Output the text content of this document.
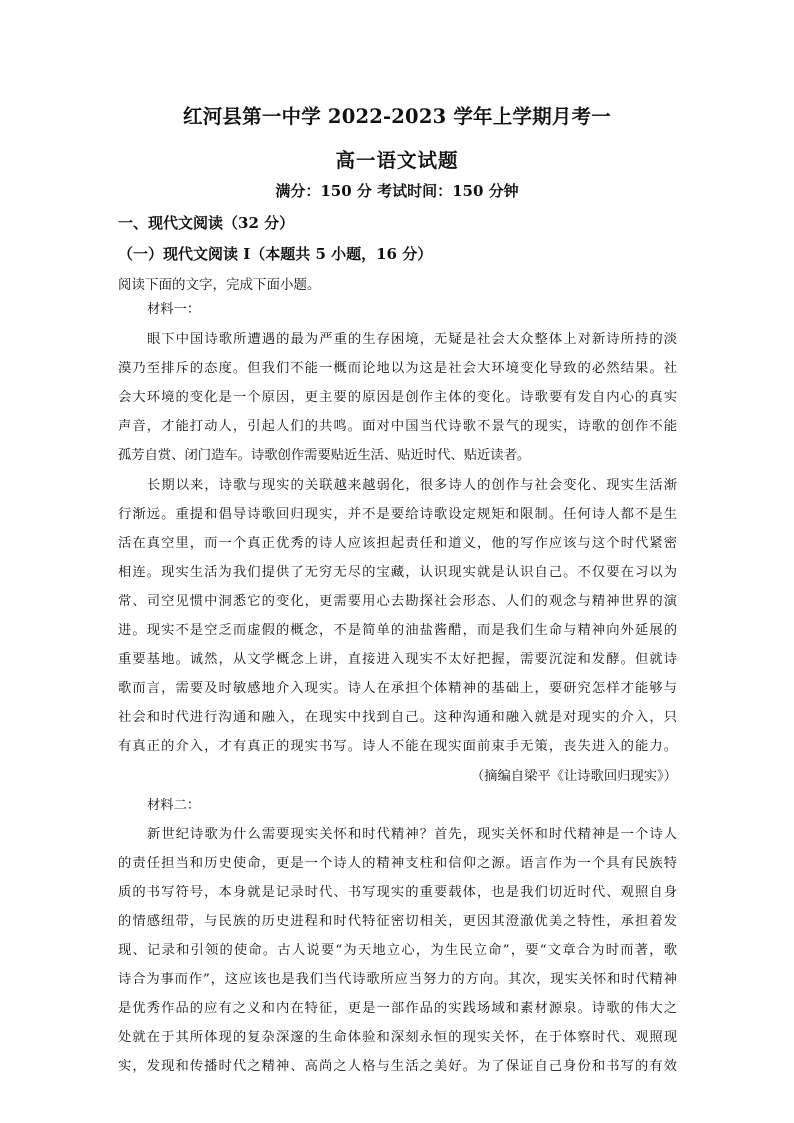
红河县第一中学 2022-2023 学年上学期月考一
高一语文试题
满分：150 分 考试时间：150 分钟
一、现代文阅读（32 分）
（一）现代文阅读 I（本题共 5 小题，16 分）
阅读下面的文字，完成下面小题。
材料一：
眼下中国诗歌所遭遇的最为严重的生存困境，无疑是社会大众整体上对新诗所持的淡
漠乃至排斥的态度。但我们不能一概而论地以为这是社会大环境变化导致的必然结果。社
会大环境的变化是一个原因，更主要的原因是创作主体的变化。诗歌要有发自内心的真实
声音，才能打动人，引起人们的共鸣。面对中国当代诗歌不景气的现实，诗歌的创作不能
孤芳自赏、闭门造车。诗歌创作需要贴近生活、贴近时代、贴近读者。
长期以来，诗歌与现实的关联越来越弱化，很多诗人的创作与社会变化、现实生活渐
行渐远。重提和倡导诗歌回归现实，并不是要给诗歌设定规矩和限制。任何诗人都不是生
活在真空里，而一个真正优秀的诗人应该担起责任和道义，他的写作应该与这个时代紧密
相连。现实生活为我们提供了无穷无尽的宝藏，认识现实就是认识自己。不仅要在习以为
常、司空见惯中洞悉它的变化，更需要用心去勘探社会形态、人们的观念与精神世界的演
进。现实不是空乏而虚假的概念，不是简单的油盐酱醋，而是我们生命与精神向外延展的
重要基地。诚然，从文学概念上讲，直接进入现实不太好把握，需要沉淀和发酵。但就诗
歌而言，需要及时敏感地介入现实。诗人在承担个体精神的基础上，要研究怎样才能够与
社会和时代进行沟通和融入，在现实中找到自己。这种沟通和融入就是对现实的介入，只
有真正的介入，才有真正的现实书写。诗人不能在现实面前束手无策，丧失进入的能力。
（摘编自梁平《让诗歌回归现实》）
材料二：
新世纪诗歌为什么需要现实关怀和时代精神？首先，现实关怀和时代精神是一个诗人
的责任担当和历史使命，更是一个诗人的精神支柱和信仰之源。语言作为一个具有民族特
质的书写符号，本身就是记录时代、书写现实的重要载体，也是我们切近时代、观照自身
的情感纽带，与民族的历史进程和时代特征密切相关，更因其澄澈优美之特性，承担着发
现、记录和引领的使命。古人说要“为天地立心，为生民立命”，要“文章合为时而著，歌
诗合为事而作”，这应该也是我们当代诗歌所应当努力的方向。其次，现实关怀和时代精神
是优秀作品的应有之义和内在特征，更是一部作品的实践场域和素材源泉。诗歌的伟大之
处就在于其所体现的复杂深邃的生命体验和深刻永恒的现实关怀，在于体察时代、观照现
实，发现和传播时代之精神、高尚之人格与生活之美好。为了保证自己身份和书写的有效
